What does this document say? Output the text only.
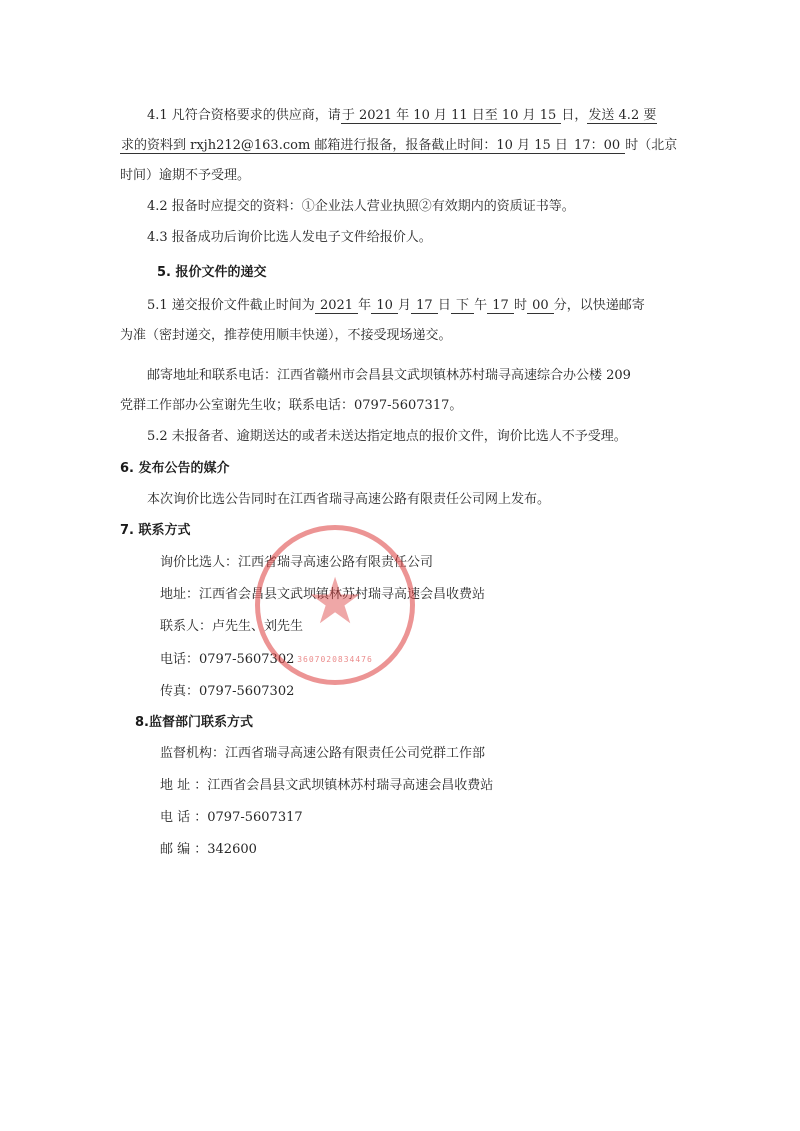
4.1 凡符合资格要求的供应商，请于 2021 年 10 月 11 日至 10 月 15 日，发送 4.2 要
求的资料到 rxjh212@163.com 邮箱进行报备，报备截止时间：10 月 15 日 17：00 时（北京
时间）逾期不予受理。
4.2 报备时应提交的资料：①企业法人营业执照②有效期内的资质证书等。
4.3 报备成功后询价比选人发电子文件给报价人。
5. 报价文件的递交
5.1 递交报价文件截止时间为 2021 年 10 月 17 日 下 午 17 时 00 分，以快递邮寄
为准（密封递交，推荐使用顺丰快递），不接受现场递交。
邮寄地址和联系电话：江西省赣州市会昌县文武坝镇林苏村瑞寻高速综合办公楼 209
党群工作部办公室谢先生收；联系电话：0797-5607317。
5.2 未报备者、逾期送达的或者未送达指定地点的报价文件，询价比选人不予受理。
6. 发布公告的媒介
本次询价比选公告同时在江西省瑞寻高速公路有限责任公司网上发布。
7. 联系方式
询价比选人：江西省瑞寻高速公路有限责任公司
地址：江西省会昌县文武坝镇林苏村瑞寻高速会昌收费站
联系人：卢先生、刘先生
电话：0797-5607302
传真：0797-5607302
8.监督部门联系方式
监督机构：江西省瑞寻高速公路有限责任公司党群工作部
地 址 ：江西省会昌县文武坝镇林苏村瑞寻高速会昌收费站
电 话 ：0797-5607317
邮 编 ：342600
★
3607020834476
